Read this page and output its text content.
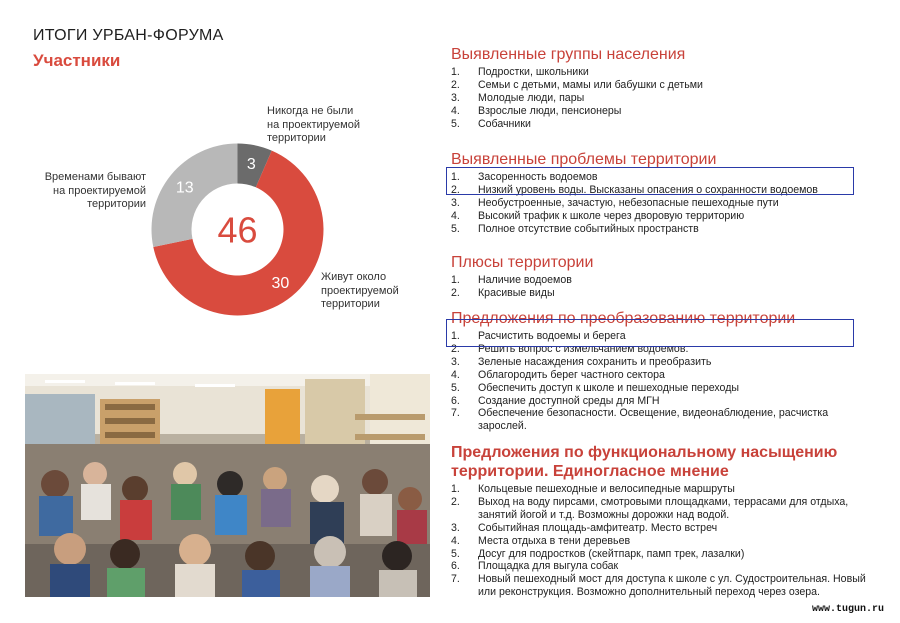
ИТОГИ УРБАН-ФОРУМА
Участники
3
30
13
46
Никогда не были
на проектируемой
территории
Временами бывают
на проектируемой
территории
Живут около
проектируемой
территории
Выявленные группы населения
1. Подростки, школьники
2. Семьи с детьми, мамы или бабушки с детьми
3. Молодые люди, пары
4. Взрослые люди, пенсионеры
5. Собачники
Выявленные проблемы территории
1. Засоренность водоемов
2. Низкий уровень воды. Высказаны опасения о сохранности водоемов
3. Необустроенные, зачастую, небезопасные пешеходные пути
4. Высокий трафик к школе через дворовую территорию
5. Полное отсутствие событийных пространств
Плюсы территории
1. Наличие водоемов
2. Красивые виды
Предложения по преобразованию территории
1. Расчистить водоемы и берега
2. Решить вопрос с измельчанием водоемов.
3. Зеленые насаждения сохранить и преобразить
4. Облагородить берег частного сектора
5. Обеспечить доступ к школе и пешеходные переходы
6. Создание доступной среды для МГН
7. Обеспечение безопасности. Освещение, видеонаблюдение, расчистка зарослей.
Предложения по функциональному насыщению территории. Единогласное мнение
1. Кольцевые пешеходные и велосипедные маршруты
2. Выход на воду пирсами, смотровыми площадками, террасами для отдыха, занятий йогой и т.д. Возможны дорожки над водой.
3. Событийная площадь-амфитеатр. Место встреч
4. Места отдыха в тени деревьев
5. Досуг для подростков (скейтпарк, памп трек, лазалки)
6. Площадка для выгула собак
7. Новый пешеходный мост для доступа к школе с ул. Судостроительная. Новый или реконструкция. Возможно дополнительный переход через озера.
www.tugun.ru
